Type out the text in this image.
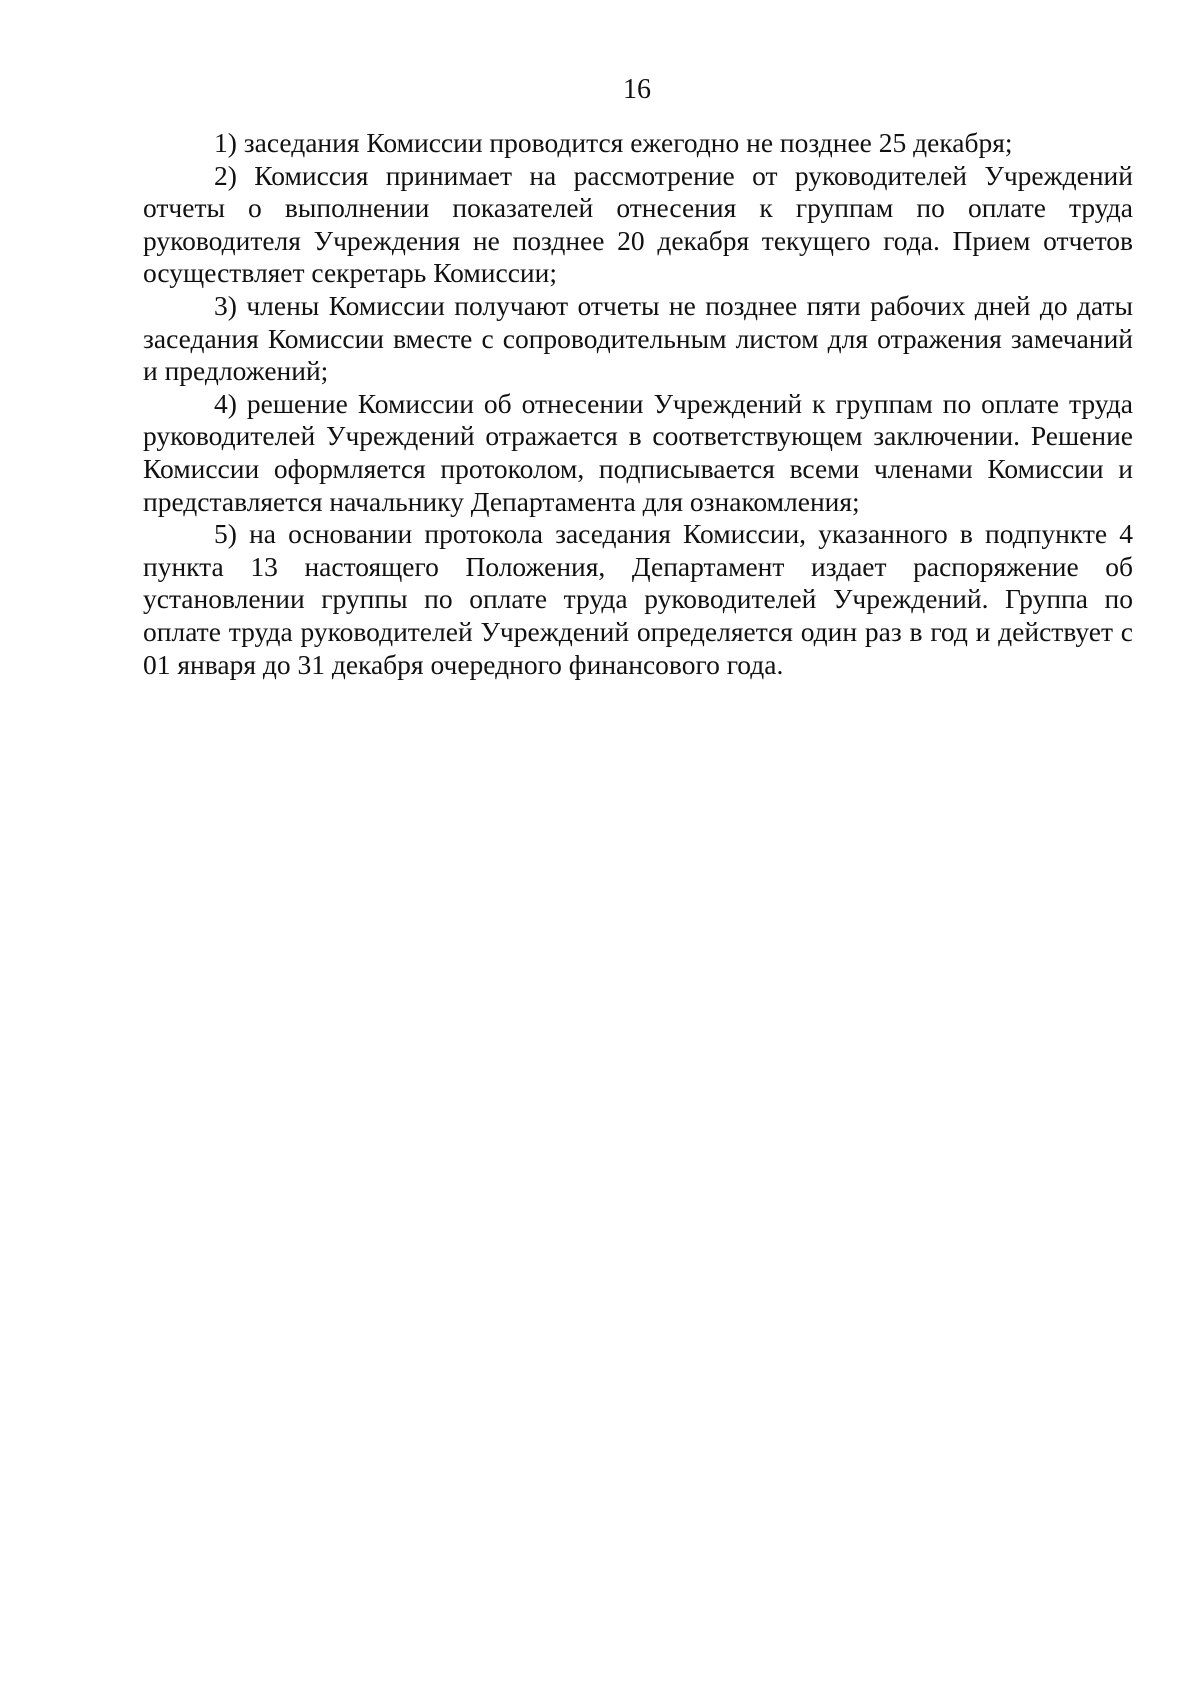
16

1) заседания Комиссии проводится ежегодно не позднее 25 декабря;

2) Комиссия принимает на рассмотрение от руководителей Учреждений отчеты о выполнении показателей отнесения к группам по оплате труда руководителя Учреждения не позднее 20 декабря текущего года. Прием отчетов осуществляет секретарь Комиссии;

3) члены Комиссии получают отчеты не позднее пяти рабочих дней до даты заседания Комиссии вместе с сопроводительным листом для отражения замечаний и предложений;

4) решение Комиссии об отнесении Учреждений к группам по оплате труда руководителей Учреждений отражается в соответствующем заключении. Решение Комиссии оформляется протоколом, подписывается всеми членами Комиссии и представляется начальнику Департамента для ознакомления;

5) на основании протокола заседания Комиссии, указанного в подпункте 4 пункта 13 настоящего Положения, Департамент издает распоряжение об установлении группы по оплате труда руководителей Учреждений. Группа по оплате труда руководителей Учреждений определяется один раз в год и действует с 01 января до 31 декабря очередного финансового года.
